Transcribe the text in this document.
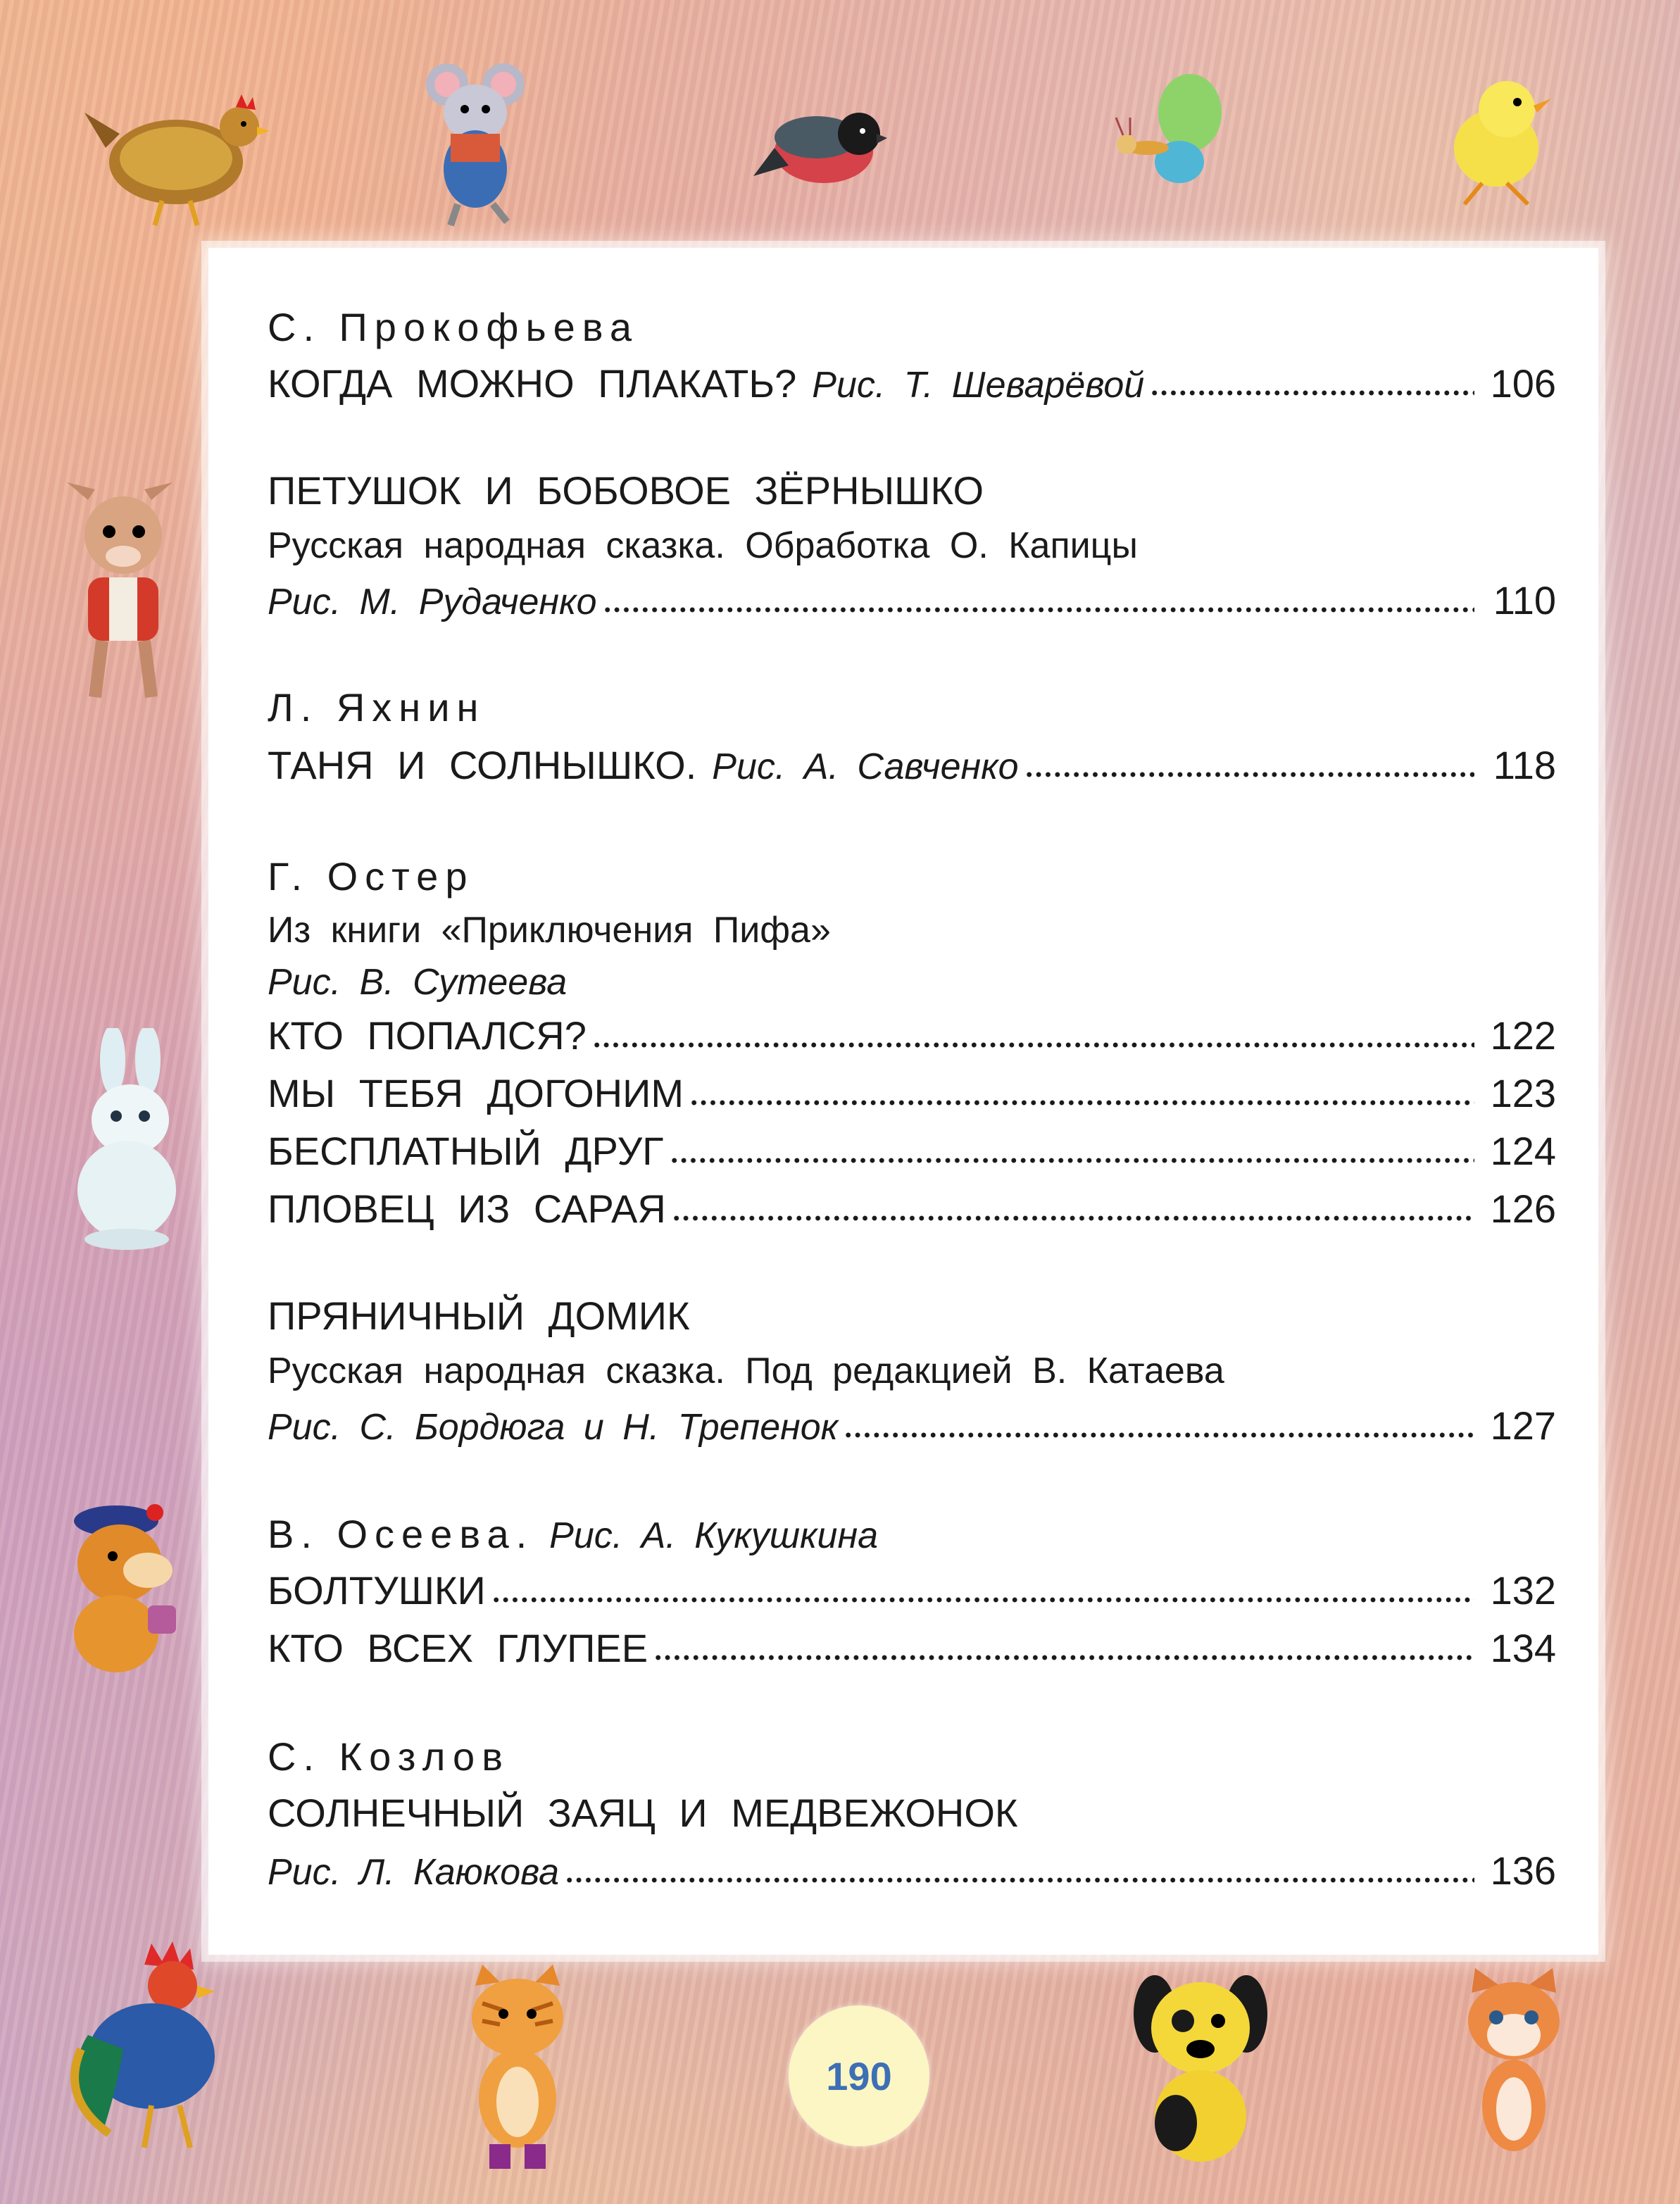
С. Прокофьева
КОГДА МОЖНО ПЛАКАТЬ? Рис. Т. Шеварёвой	106
ПЕТУШОК И БОБОВОЕ ЗЁРНЫШКО
Русская народная сказка. Обработка О. Капицы
Рис. М. Рудаченко	110
Л. Яхнин
ТАНЯ И СОЛНЫШКО. Рис. А. Савченко	118
Г. Остер
Из книги «Приключения Пифа»
Рис. В. Сутеева
КТО ПОПАЛСЯ?	122
МЫ ТЕБЯ ДОГОНИМ	123
БЕСПЛАТНЫЙ ДРУГ	124
ПЛОВЕЦ ИЗ САРАЯ	126
ПРЯНИЧНЫЙ ДОМИК
Русская народная сказка. Под редакцией В. Катаева
Рис. С. Бордюга и Н. Трепенок	127
В. Осеева. Рис. А. Кукушкина
БОЛТУШКИ	132
КТО ВСЕХ ГЛУПЕЕ	134
С. Козлов
СОЛНЕЧНЫЙ ЗАЯЦ И МЕДВЕЖОНОК
Рис. Л. Каюкова	136
190
